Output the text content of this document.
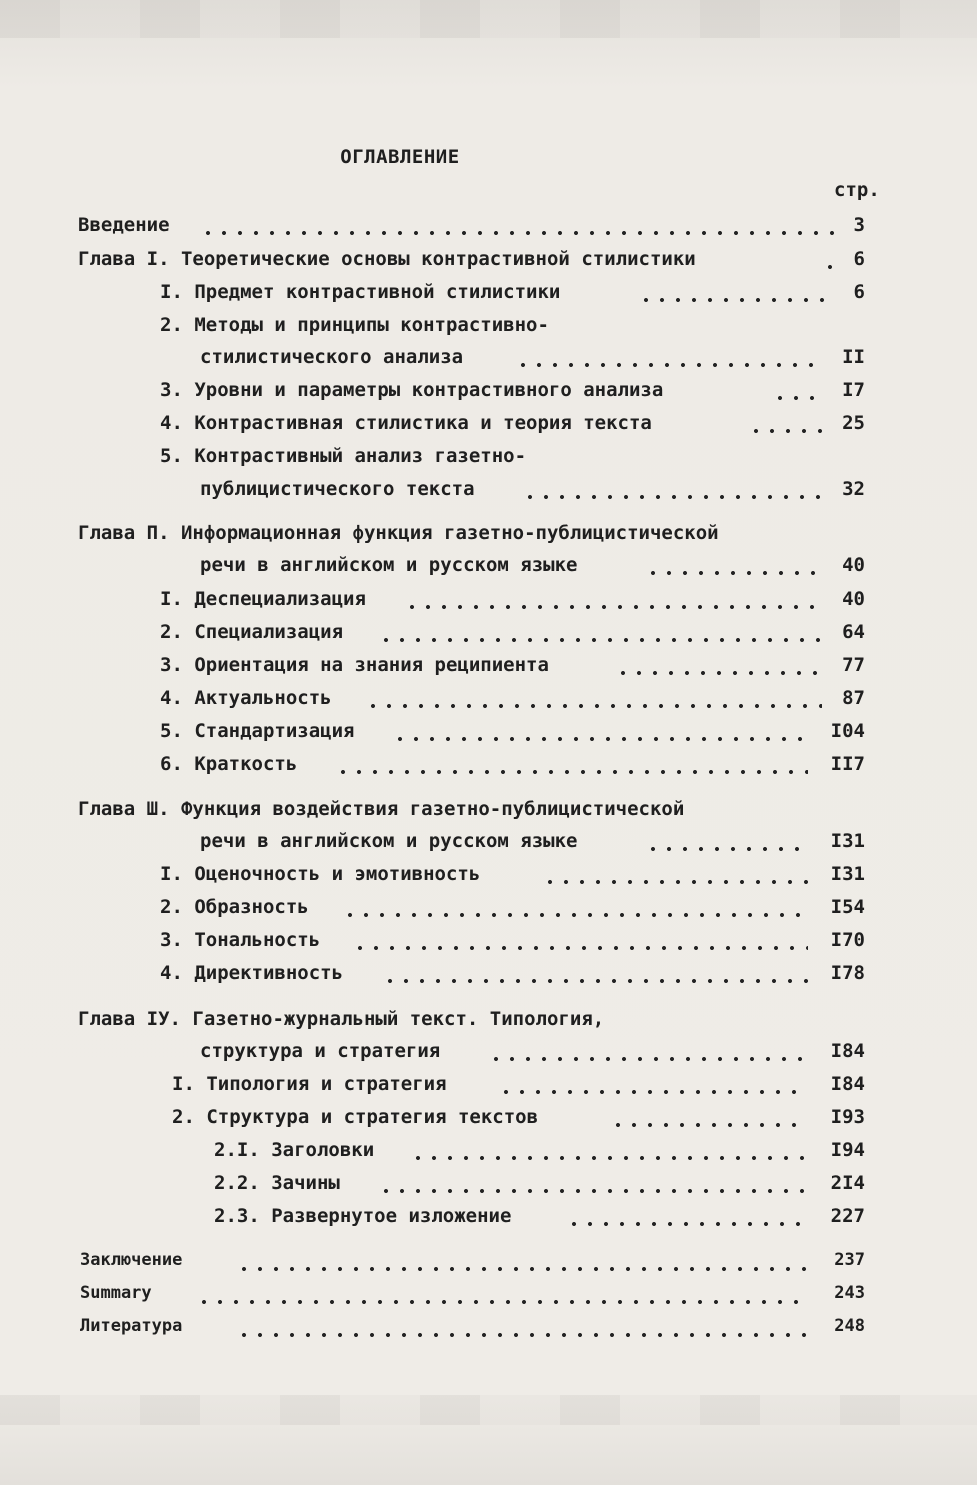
ОГЛАВЛЕНИЕ
стр.
Введение	3
Глава I. Теоретические основы контрастивной стилистики	6
I. Предмет контрастивной стилистики	6
2. Методы и принципы контрастивно-
стилистического анализа	II
3. Уровни и параметры контрастивного анализа	I7
4. Контрастивная стилистика и теория текста	25
5. Контрастивный анализ газетно-
публицистического текста	32
Глава П. Информационная функция газетно-публицистической
речи в английском и русском языке	40
I. Деспециализация	40
2. Специализация	64
3. Ориентация на знания реципиента	77
4. Актуальность	87
5. Стандартизация	I04
6. Краткость	II7
Глава Ш. Функция воздействия газетно-публицистической
речи в английском и русском языке	I31
I. Оценочность и эмотивность	I31
2. Образность	I54
3. Тональность	I70
4. Директивность	I78
Глава IУ. Газетно-журнальный текст. Типология,
структура и стратегия	I84
I. Типология и стратегия	I84
2. Структура и стратегия текстов	I93
2.I. Заголовки	I94
2.2. Зачины	2I4
2.3. Развернутое изложение	227
Заключение	237
Summary	243
Литература	248
